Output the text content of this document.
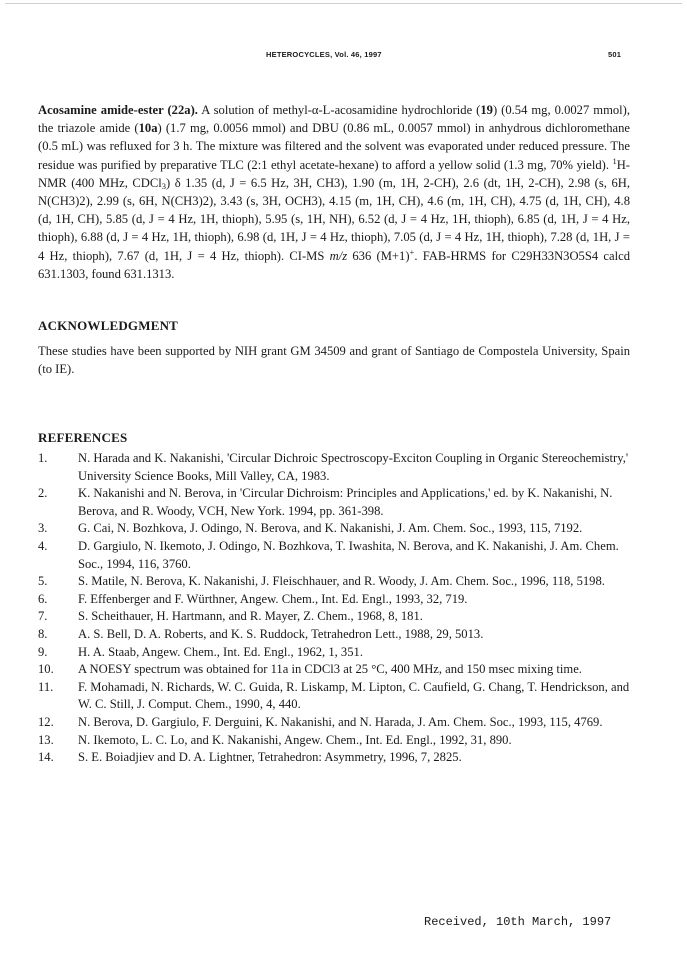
HETEROCYCLES, Vol. 46, 1997	501

Acosamine amide-ester (22a). A solution of methyl-α-L-acosamidine hydrochloride (19) (0.54 mg, 0.0027 mmol), the triazole amide (10a) (1.7 mg, 0.0056 mmol) and DBU (0.86 mL, 0.0057 mmol) in anhydrous dichloromethane (0.5 mL) was refluxed for 3 h. The mixture was filtered and the solvent was evaporated under reduced pressure. The residue was purified by preparative TLC (2:1 ethyl acetate-hexane) to afford a yellow solid (1.3 mg, 70% yield). $^1$H-NMR (400 MHz, CDCl$_3$) δ 1.35 (d, J = 6.5 Hz, 3H, CH3), 1.90 (m, 1H, 2-CH), 2.6 (dt, 1H, 2-CH), 2.98 (s, 6H, N(CH3)2), 2.99 (s, 6H, N(CH3)2), 3.43 (s, 3H, OCH3), 4.15 (m, 1H, CH), 4.6 (m, 1H, CH), 4.75 (d, 1H, CH), 4.8 (d, 1H, CH), 5.85 (d, J = 4 Hz, 1H, thioph), 5.95 (s, 1H, NH), 6.52 (d, J = 4 Hz, 1H, thioph), 6.85 (d, 1H, J = 4 Hz, thioph), 6.88 (d, J = 4 Hz, 1H, thioph), 6.98 (d, 1H, J = 4 Hz, thioph), 7.05 (d, J = 4 Hz, 1H, thioph), 7.28 (d, 1H, J = 4 Hz, thioph), 7.67 (d, 1H, J = 4 Hz, thioph). CI-MS m/z 636 (M+1)+. FAB-HRMS for C29H33N3O5S4 calcd 631.1303, found 631.1313.

ACKNOWLEDGMENT

These studies have been supported by NIH grant GM 34509 and grant of Santiago de Compostela University, Spain (to IE).

REFERENCES
1.	N. Harada and K. Nakanishi, 'Circular Dichroic Spectroscopy-Exciton Coupling in Organic Stereochemistry,' University Science Books, Mill Valley, CA, 1983.
2.	K. Nakanishi and N. Berova, in 'Circular Dichroism: Principles and Applications,' ed. by K. Nakanishi, N. Berova, and R. Woody, VCH, New York. 1994, pp. 361-398.
3.	G. Cai, N. Bozhkova, J. Odingo, N. Berova, and K. Nakanishi, J. Am. Chem. Soc., 1993, 115, 7192.
4.	D. Gargiulo, N. Ikemoto, J. Odingo, N. Bozhkova, T. Iwashita, N. Berova, and K. Nakanishi, J. Am. Chem. Soc., 1994, 116, 3760.
5.	S. Matile, N. Berova, K. Nakanishi, J. Fleischhauer, and R. Woody, J. Am. Chem. Soc., 1996, 118, 5198.
6.	F. Effenberger and F. Würthner, Angew. Chem., Int. Ed. Engl., 1993, 32, 719.
7.	S. Scheithauer, H. Hartmann, and R. Mayer, Z. Chem., 1968, 8, 181.
8.	A. S. Bell, D. A. Roberts, and K. S. Ruddock, Tetrahedron Lett., 1988, 29, 5013.
9.	H. A. Staab, Angew. Chem., Int. Ed. Engl., 1962, 1, 351.
10.	A NOESY spectrum was obtained for 11a in CDCl3 at 25 °C, 400 MHz, and 150 msec mixing time.
11.	F. Mohamadi, N. Richards, W. C. Guida, R. Liskamp, M. Lipton, C. Caufield, G. Chang, T. Hendrickson, and W. C. Still, J. Comput. Chem., 1990, 4, 440.
12.	N. Berova, D. Gargiulo, F. Derguini, K. Nakanishi, and N. Harada, J. Am. Chem. Soc., 1993, 115, 4769.
13.	N. Ikemoto, L. C. Lo, and K. Nakanishi, Angew. Chem., Int. Ed. Engl., 1992, 31, 890.
14.	S. E. Boiadjiev and D. A. Lightner, Tetrahedron: Asymmetry, 1996, 7, 2825.
Received, 10th March, 1997
